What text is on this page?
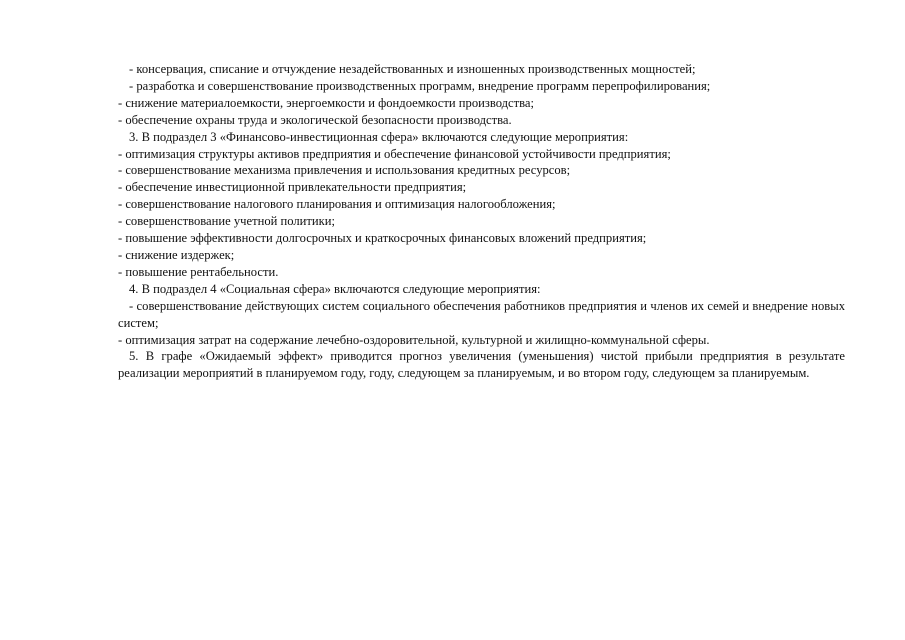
- консервация, списание и отчуждение незадействованных и изношенных производственных мощностей;

- разработка и совершенствование производственных программ, внедрение программ перепрофилирования;

- снижение материалоемкости, энергоемкости и фондоемкости производства;

- обеспечение охраны труда и экологической безопасности производства.

3. В подраздел 3 «Финансово-инвестиционная сфера» включаются следующие мероприятия:

- оптимизация структуры активов предприятия и обеспечение финансовой устойчивости предприятия;

- совершенствование механизма привлечения и использования кредитных ресурсов;

- обеспечение инвестиционной привлекательности предприятия;

- совершенствование налогового планирования и оптимизация налогообложения;

- совершенствование учетной политики;

- повышение эффективности долгосрочных и краткосрочных финансовых вложений предприятия;

- снижение издержек;

- повышение рентабельности.

4. В подраздел 4 «Социальная сфера» включаются следующие мероприятия:

- совершенствование действующих систем социального обеспечения работников предприятия и членов их семей и внедрение новых систем;

- оптимизация затрат на содержание лечебно-оздоровительной, культурной и жилищно-коммунальной сферы.

5. В графе «Ожидаемый эффект» приводится прогноз увеличения (уменьшения) чистой прибыли предприятия в результате реализации мероприятий в планируемом году, году, следующем за планируемым, и во втором году, следующем за планируемым.
